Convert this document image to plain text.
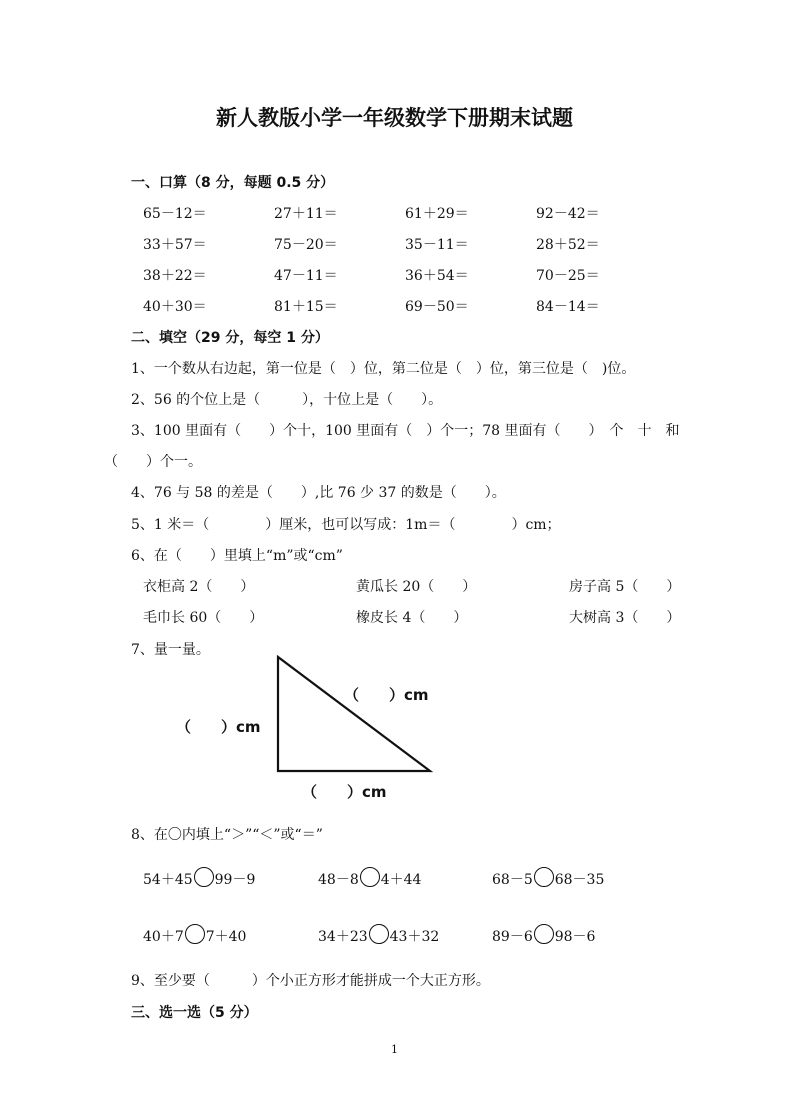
新人教版小学一年级数学下册期末试题
一、口算（8 分，每题 0.5 分）
65－12＝	27＋11＝	61＋29＝	92－42＝
33＋57＝	75－20＝	35－11＝	28＋52＝
38＋22＝	47－11＝	36＋54＝	70－25＝
40＋30＝	81＋15＝	69－50＝	84－14＝
二、填空（29 分，每空 1 分）
1、一个数从右边起，第一位是（　）位，第二位是（　）位，第三位是（　)位。
2、56 的个位上是（　　　），十位上是（　　）。
3、100 里面有（　　）个十，100 里面有（　）个一；78 里面有（　　）　个　十　和
（　　）个一。
4、76 与 58 的差是（　　）,比 76 少 37 的数是（　　）。
5、1 米＝（　　　　）厘米，也可以写成：1m＝（　　　　）cm；
6、在（　　）里填上“m”或“cm”
衣柜高 2（　　）	黄瓜长 20（　　）	房子高 5（　　）
毛巾长 60（　　）	橡皮长 4（　　）	大树高 3（　　）
7、量一量。
（　　）cm
（　　）cm
（　　）cm
8、在〇内填上“＞”“＜”或“＝”
54＋45 99－9	48－8 4＋44	68－5 68－35
40＋7 7＋40	34＋23 43＋32	89－6 98－6
9、至少要（　　　）个小正方形才能拼成一个大正方形。
三、选一选（5 分）
1
